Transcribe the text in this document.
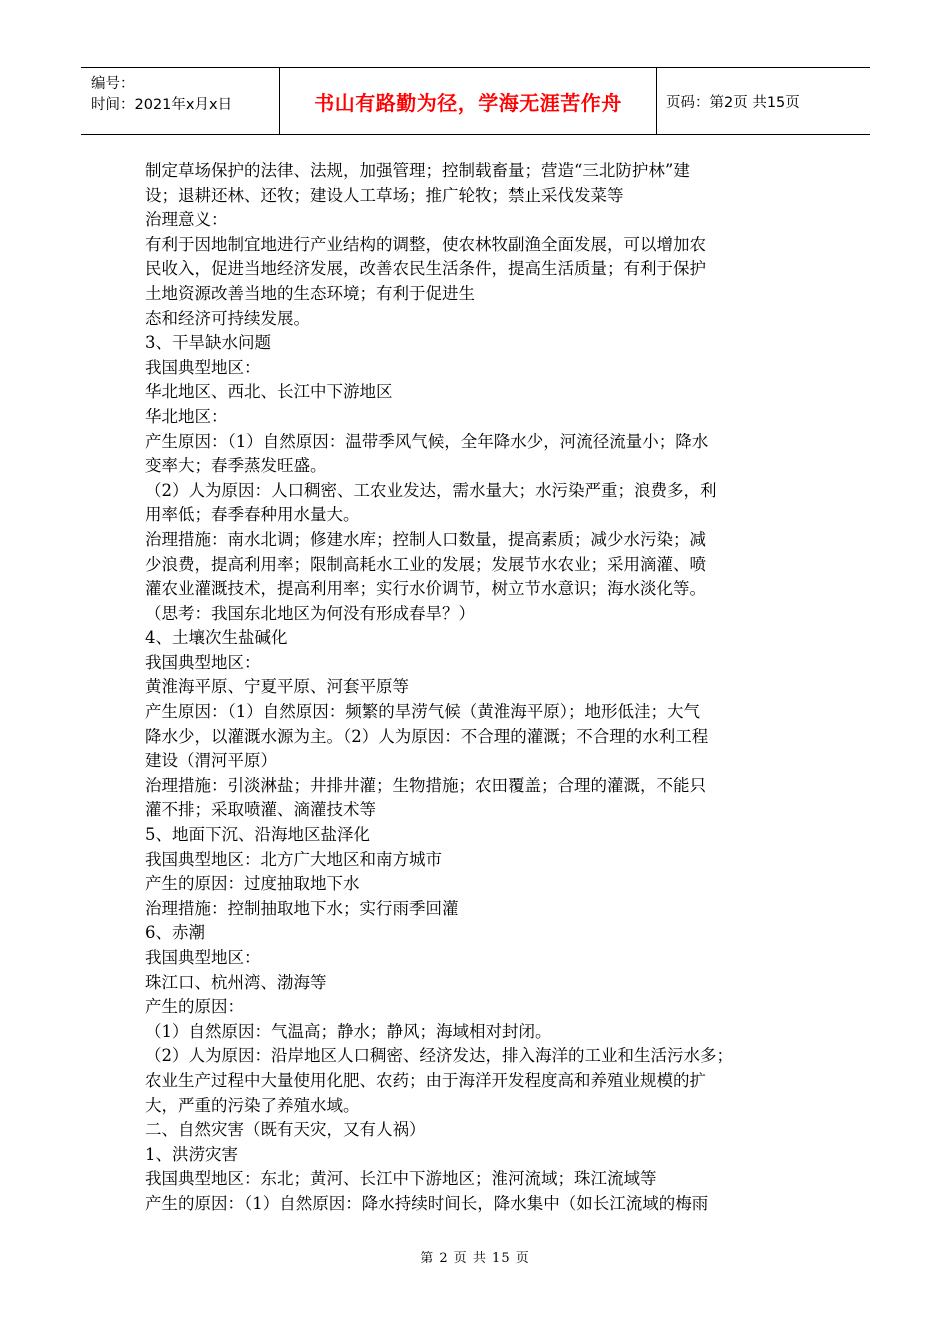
编号：
时间：2021年x月x日	书山有路勤为径，学海无涯苦作舟	页码：第2页 共15页
制定草场保护的法律、法规，加强管理；控制载畜量；营造“三北防护林”建
设；退耕还林、还牧；建设人工草场；推广轮牧；禁止采伐发菜等
治理意义：
有利于因地制宜地进行产业结构的调整，使农林牧副渔全面发展，可以增加农
民收入，促进当地经济发展，改善农民生活条件，提高生活质量；有利于保护
土地资源改善当地的生态环境；有利于促进生
态和经济可持续发展。
3、干旱缺水问题
我国典型地区：
华北地区、西北、长江中下游地区
华北地区：
产生原因：（1）自然原因：温带季风气候，全年降水少，河流径流量小；降水
变率大；春季蒸发旺盛。
（2）人为原因：人口稠密、工农业发达，需水量大；水污染严重；浪费多，利
用率低；春季春种用水量大。
治理措施：南水北调；修建水库；控制人口数量，提高素质；减少水污染；减
少浪费，提高利用率；限制高耗水工业的发展；发展节水农业；采用滴灌、喷
灌农业灌溉技术，提高利用率；实行水价调节，树立节水意识；海水淡化等。
（思考：我国东北地区为何没有形成春旱？）
4、土壤次生盐碱化
我国典型地区：
黄淮海平原、宁夏平原、河套平原等
产生原因：（1）自然原因：频繁的旱涝气候（黄淮海平原）；地形低洼；大气
降水少，以灌溉水源为主。（2）人为原因：不合理的灌溉；不合理的水利工程
建设（渭河平原）
治理措施：引淡淋盐；井排井灌；生物措施；农田覆盖；合理的灌溉，不能只
灌不排；采取喷灌、滴灌技术等
5、地面下沉、沿海地区盐泽化
我国典型地区：北方广大地区和南方城市
产生的原因：过度抽取地下水
治理措施：控制抽取地下水；实行雨季回灌
6、赤潮
我国典型地区：
珠江口、杭州湾、渤海等
产生的原因：
（1）自然原因：气温高；静水；静风；海域相对封闭。
（2）人为原因：沿岸地区人口稠密、经济发达，排入海洋的工业和生活污水多；
农业生产过程中大量使用化肥、农药；由于海洋开发程度高和养殖业规模的扩
大，严重的污染了养殖水域。
二、自然灾害（既有天灾，又有人祸）
1、洪涝灾害
我国典型地区：东北；黄河、长江中下游地区；淮河流域；珠江流域等
产生的原因：（1）自然原因：降水持续时间长，降水集中（如长江流域的梅雨
第 2 页 共 15 页
